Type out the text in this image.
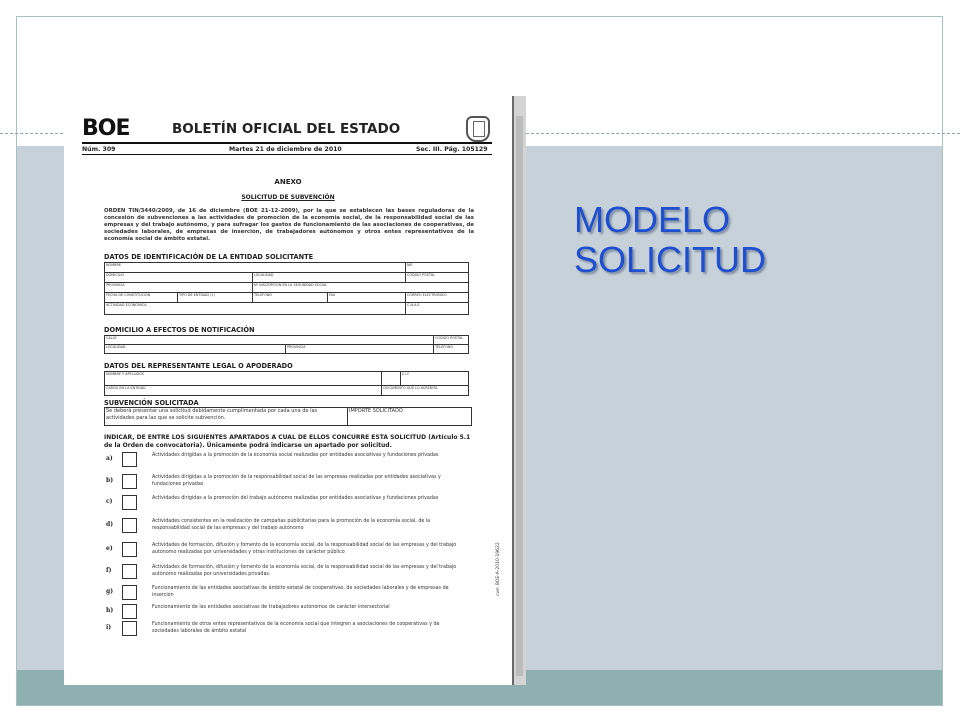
BOE	BOLETÍN OFICIAL DEL ESTADO
Núm. 309	Martes 21 de diciembre de 2010	Sec. III. Pág. 105129
ANEXO
SOLICITUD DE SUBVENCIÓN
ORDEN TIN/3440/2009, de 16 de diciembre (BOE 21-12-2009), por la que se establecen las bases reguladoras de la concesión de subvenciones a las actividades de promoción de la economía social, de la responsabilidad social de las empresas y del trabajo autónomo, y para sufragar los gastos de funcionamiento de las asociaciones de cooperativas, de sociedades laborales, de empresas de inserción, de trabajadores autónomos y otros entes representativos de la economía social de ámbito estatal.
DATOS DE IDENTIFICACIÓN DE LA ENTIDAD SOLICITANTE
NOMBRE				NIF
DOMICILIO		LOCALIDAD		CODIGO POSTAL
PROVINCIA		Nº INSCRIPCION EN LA SEGURIDAD SOCIAL		
FECHA DE CONSTITUCION	TIPO DE ENTIDAD (1)	TELEFONO	FAX	CORREO ELECTRONICO
ACTIVIDAD ECONOMICA				C.N.A.E.
DOMICILIO A EFECTOS DE NOTIFICACIÓN
CALLE		CODIGO POSTAL
LOCALIDAD	PROVINCIA	TELEFONO
DATOS DEL REPRESENTANTE LEGAL O APODERADO
NOMBRE Y APELLIDOS		C.I.F.
CARGO EN LA ENTIDAD	DOCUMENTO QUE LO ACREDITA	
SUBVENCIÓN SOLICITADA
Se deberá presentar una solicitud debidamente cumplimentada por cada una de las actividades para las que se solicite subvención.	IMPORTE SOLICITADO
INDICAR, DE ENTRE LOS SIGUIENTES APARTADOS A CUAL DE ELLOS CONCURRE ESTA SOLICITUD (Artículo 5.1 de la Orden de convocatoria). Únicamente podrá indicarse un apartado por solicitud.
a)	Actividades dirigidas a la promoción de la economía social realizadas por entidades asociativas y fundaciones privadas
b)	Actividades dirigidas a la promoción de la responsabilidad social de las empresas realizadas por entidades asociativas y fundaciones privadas
c)	Actividades dirigidas a la promoción del trabajo autónomo realizadas por entidades asociativas y fundaciones privadas
d)	Actividades consistentes en la realización de campañas publicitarias para la promoción de la economía social, de la responsabilidad social de las empresas y del trabajo autónomo
e)	Actividades de formación, difusión y fomento de la economía social, de la responsabilidad social de las empresas y del trabajo autónomo realizadas por universidades y otras instituciones de carácter público
f)	Actividades de formación, difusión y fomento de la economía social, de la responsabilidad social de las empresas y del trabajo autónomo realizadas por universidades privadas.
g)	Funcionamiento de las entidades asociativas de ámbito estatal de cooperativas, de sociedades laborales y de empresas de inserción
h)	Funcionamiento de las entidades asociativas de trabajadores autónomos de carácter intersectorial
i)	Funcionamiento de otros entes representativos de la economía social que integren a asociaciones de cooperativas y de sociedades laborales de ámbito estatal
cve: BOE-A-2010-19622
MODELO
SOLICITUD
